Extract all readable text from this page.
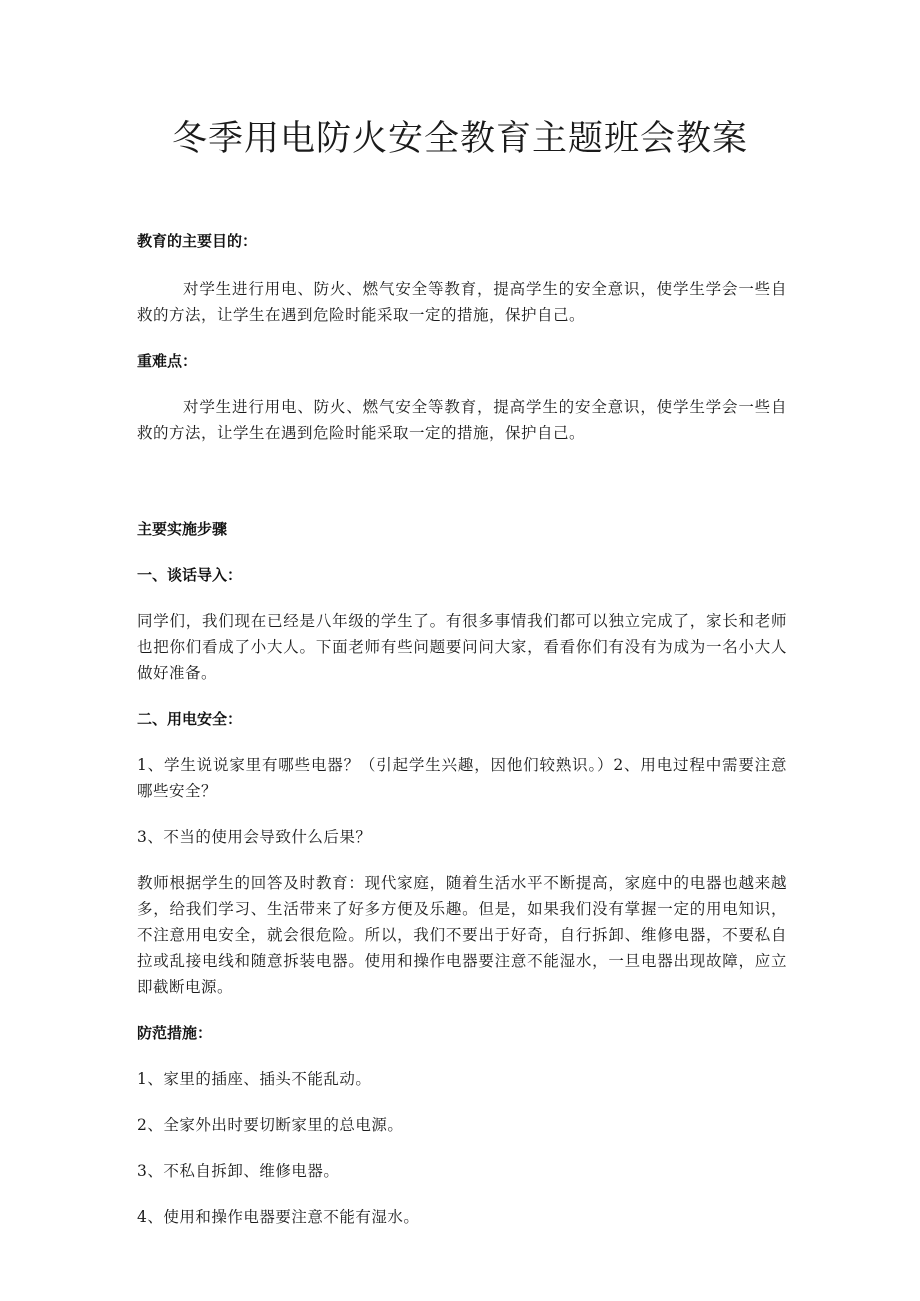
冬季用电防火安全教育主题班会教案

教育的主要目的：

对学生进行用电、防火、燃气安全等教育，提高学生的安全意识，使学生学会一些自救的方法，让学生在遇到危险时能采取一定的措施，保护自己。

重难点：

对学生进行用电、防火、燃气安全等教育，提高学生的安全意识，使学生学会一些自救的方法，让学生在遇到危险时能采取一定的措施，保护自己。

主要实施步骤

一、谈话导入：

同学们，我们现在已经是八年级的学生了。有很多事情我们都可以独立完成了，家长和老师也把你们看成了小大人。下面老师有些问题要问问大家，看看你们有没有为成为一名小大人做好准备。

二、用电安全：

1、学生说说家里有哪些电器？（引起学生兴趣，因他们较熟识。）2、用电过程中需要注意哪些安全？

3、不当的使用会导致什么后果？

教师根据学生的回答及时教育：现代家庭，随着生活水平不断提高，家庭中的电器也越来越多，给我们学习、生活带来了好多方便及乐趣。但是，如果我们没有掌握一定的用电知识，不注意用电安全，就会很危险。所以，我们不要出于好奇，自行拆卸、维修电器，不要私自拉或乱接电线和随意拆装电器。使用和操作电器要注意不能湿水，一旦电器出现故障，应立即截断电源。

防范措施：

1、家里的插座、插头不能乱动。

2、全家外出时要切断家里的总电源。

3、不私自拆卸、维修电器。

4、使用和操作电器要注意不能有湿水。
